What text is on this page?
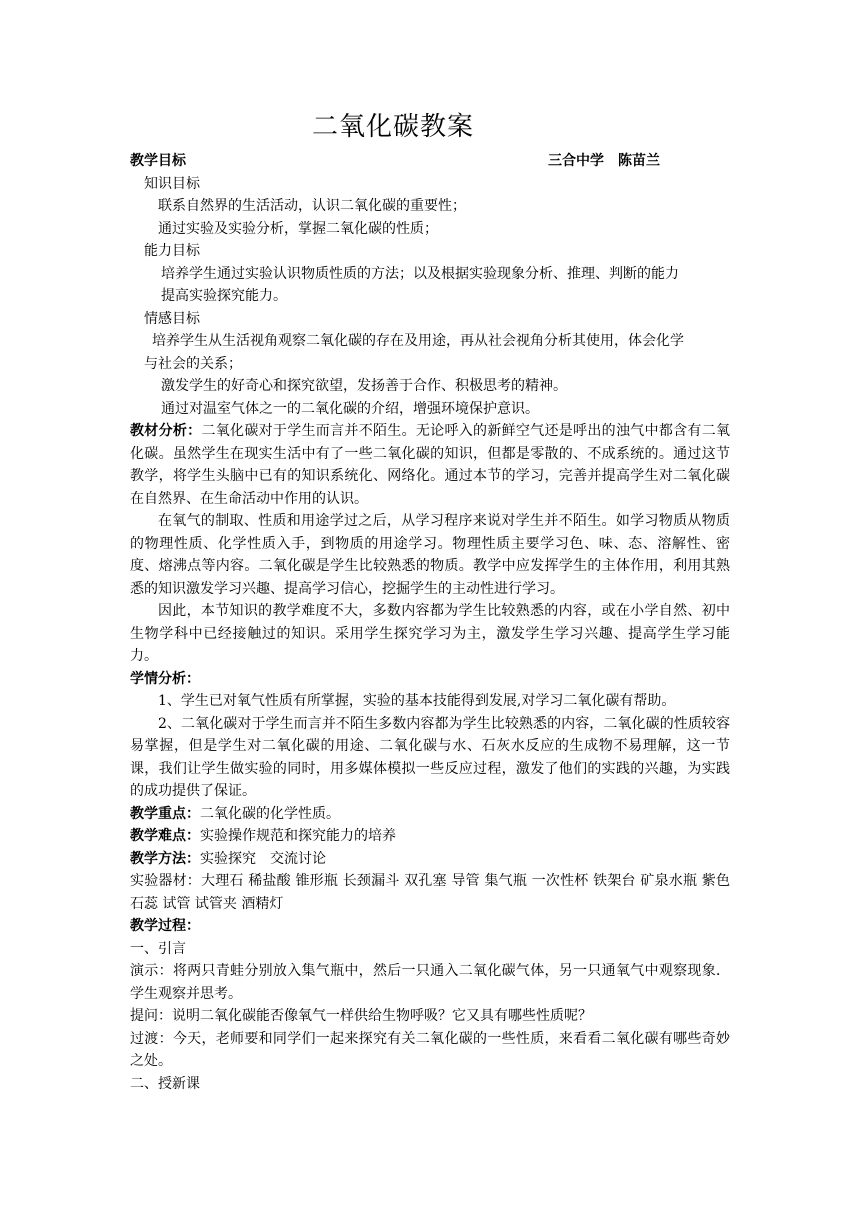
二氧化碳教案
教学目标	三合中学　陈苗兰
知识目标
联系自然界的生活活动，认识二氧化碳的重要性；
通过实验及实验分析，掌握二氧化碳的性质；
能力目标
培养学生通过实验认识物质性质的方法；以及根据实验现象分析、推理、判断的能力
提高实验探究能力。
情感目标
培养学生从生活视角观察二氧化碳的存在及用途，再从社会视角分析其使用，体会化学
与社会的关系；
激发学生的好奇心和探究欲望，发扬善于合作、积极思考的精神。
通过对温室气体之一的二氧化碳的介绍，增强环境保护意识。
教材分析：二氧化碳对于学生而言并不陌生。无论呼入的新鲜空气还是呼出的浊气中都含有二氧化碳。虽然学生在现实生活中有了一些二氧化碳的知识，但都是零散的、不成系统的。通过这节教学，将学生头脑中已有的知识系统化、网络化。通过本节的学习，完善并提高学生对二氧化碳在自然界、在生命活动中作用的认识。
在氧气的制取、性质和用途学过之后，从学习程序来说对学生并不陌生。如学习物质从物质的物理性质、化学性质入手，到物质的用途学习。物理性质主要学习色、味、态、溶解性、密度、熔沸点等内容。二氧化碳是学生比较熟悉的物质。教学中应发挥学生的主体作用，利用其熟悉的知识激发学习兴趣、提高学习信心，挖掘学生的主动性进行学习。
因此，本节知识的教学难度不大，多数内容都为学生比较熟悉的内容，或在小学自然、初中生物学科中已经接触过的知识。采用学生探究学习为主，激发学生学习兴趣、提高学生学习能力。
学情分析：
1、学生已对氧气性质有所掌握，实验的基本技能得到发展,对学习二氧化碳有帮助。
2、二氧化碳对于学生而言并不陌生多数内容都为学生比较熟悉的内容，二氧化碳的性质较容易掌握，但是学生对二氧化碳的用途、二氧化碳与水、石灰水反应的生成物不易理解，这一节课，我们让学生做实验的同时，用多媒体模拟一些反应过程，激发了他们的实践的兴趣，为实践的成功提供了保证。
教学重点：二氧化碳的化学性质。
教学难点：实验操作规范和探究能力的培养
教学方法：实验探究　交流讨论
实验器材：大理石 稀盐酸 锥形瓶 长颈漏斗 双孔塞 导管 集气瓶 一次性杯 铁架台 矿泉水瓶 紫色石蕊 试管 试管夹 酒精灯
教学过程：
一、引言
演示：将两只青蛙分别放入集气瓶中，然后一只通入二氧化碳气体，另一只通氧气中观察现象．学生观察并思考。
提问：说明二氧化碳能否像氧气一样供给生物呼吸？它又具有哪些性质呢？
过渡：今天，老师要和同学们一起来探究有关二氧化碳的一些性质，来看看二氧化碳有哪些奇妙之处。
二、授新课
